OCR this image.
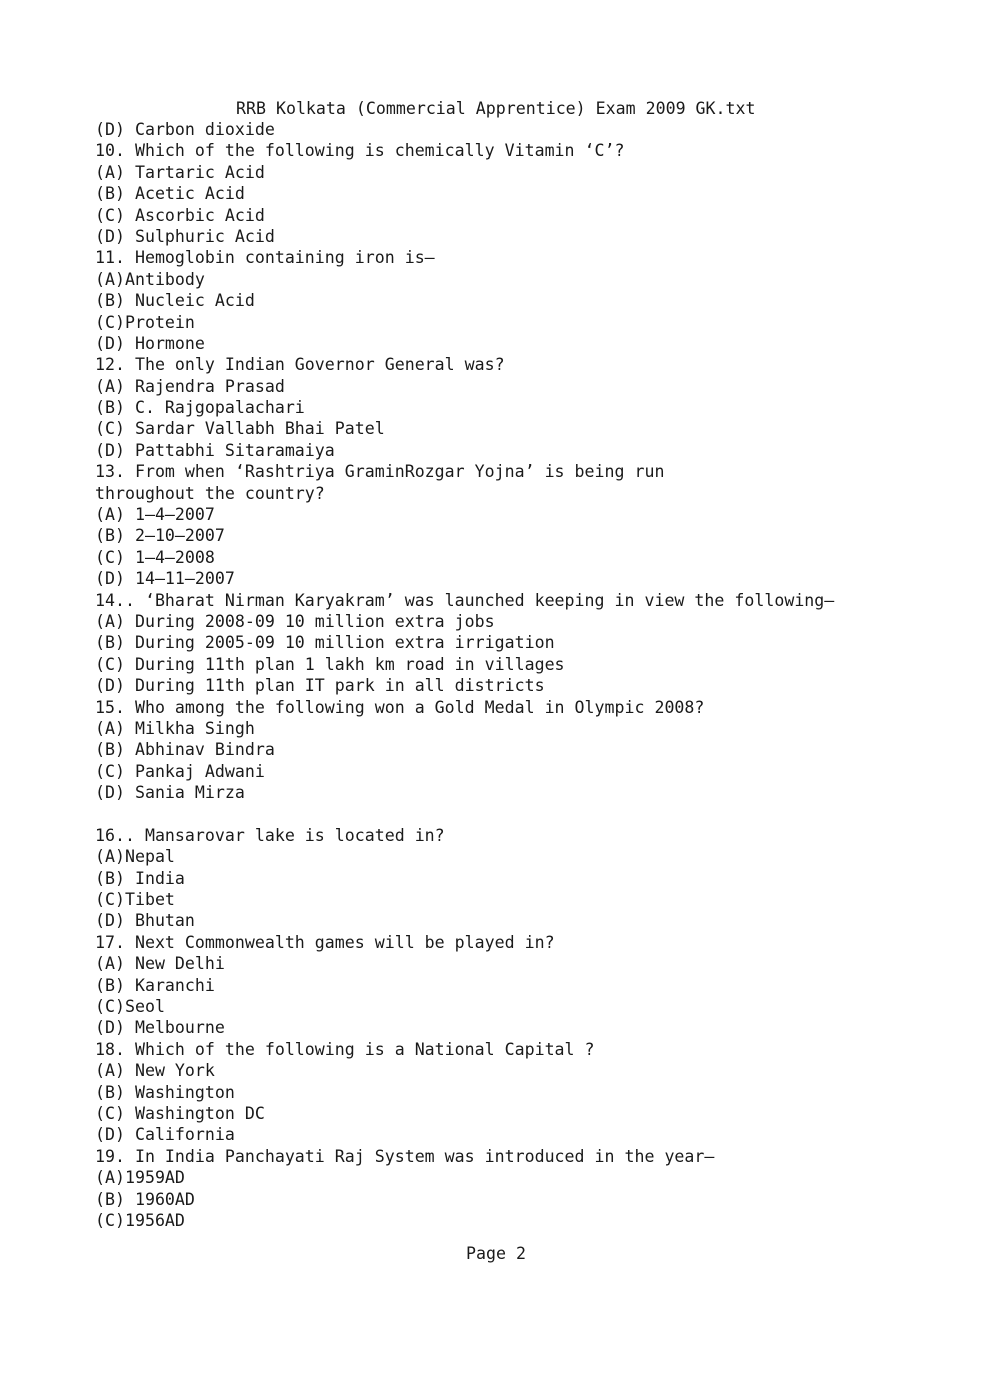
RRB Kolkata (Commercial Apprentice) Exam 2009 GK.txt
(D) Carbon dioxide
10. Which of the following is chemically Vitamin ‘C’?
(A) Tartaric Acid
(B) Acetic Acid
(C) Ascorbic Acid
(D) Sulphuric Acid
11. Hemoglobin containing iron is—
(A)Antibody
(B) Nucleic Acid
(C)Protein
(D) Hormone
12. The only Indian Governor General was?
(A) Rajendra Prasad
(B) C. Rajgopalachari
(C) Sardar Vallabh Bhai Patel
(D) Pattabhi Sitaramaiya
13. From when ‘Rashtriya GraminRozgar Yojna’ is being run
throughout the country?
(A) 1—4—2007
(B) 2—10—2007
(C) 1—4—2008
(D) 14—11—2007
14.. ‘Bharat Nirman Karyakram’ was launched keeping in view the following—
(A) During 2008-09 10 million extra jobs
(B) During 2005-09 10 million extra irrigation
(C) During 11th plan 1 lakh km road in villages
(D) During 11th plan IT park in all districts
15. Who among the following won a Gold Medal in Olympic 2008?
(A) Milkha Singh
(B) Abhinav Bindra
(C) Pankaj Adwani
(D) Sania Mirza
16.. Mansarovar lake is located in?
(A)Nepal
(B) India
(C)Tibet
(D) Bhutan
17. Next Commonwealth games will be played in?
(A) New Delhi
(B) Karanchi
(C)Seol
(D) Melbourne
18. Which of the following is a National Capital ?
(A) New York
(B) Washington
(C) Washington DC
(D) California
19. In India Panchayati Raj System was introduced in the year—
(A)1959AD
(B) 1960AD
(C)1956AD
Page 2
